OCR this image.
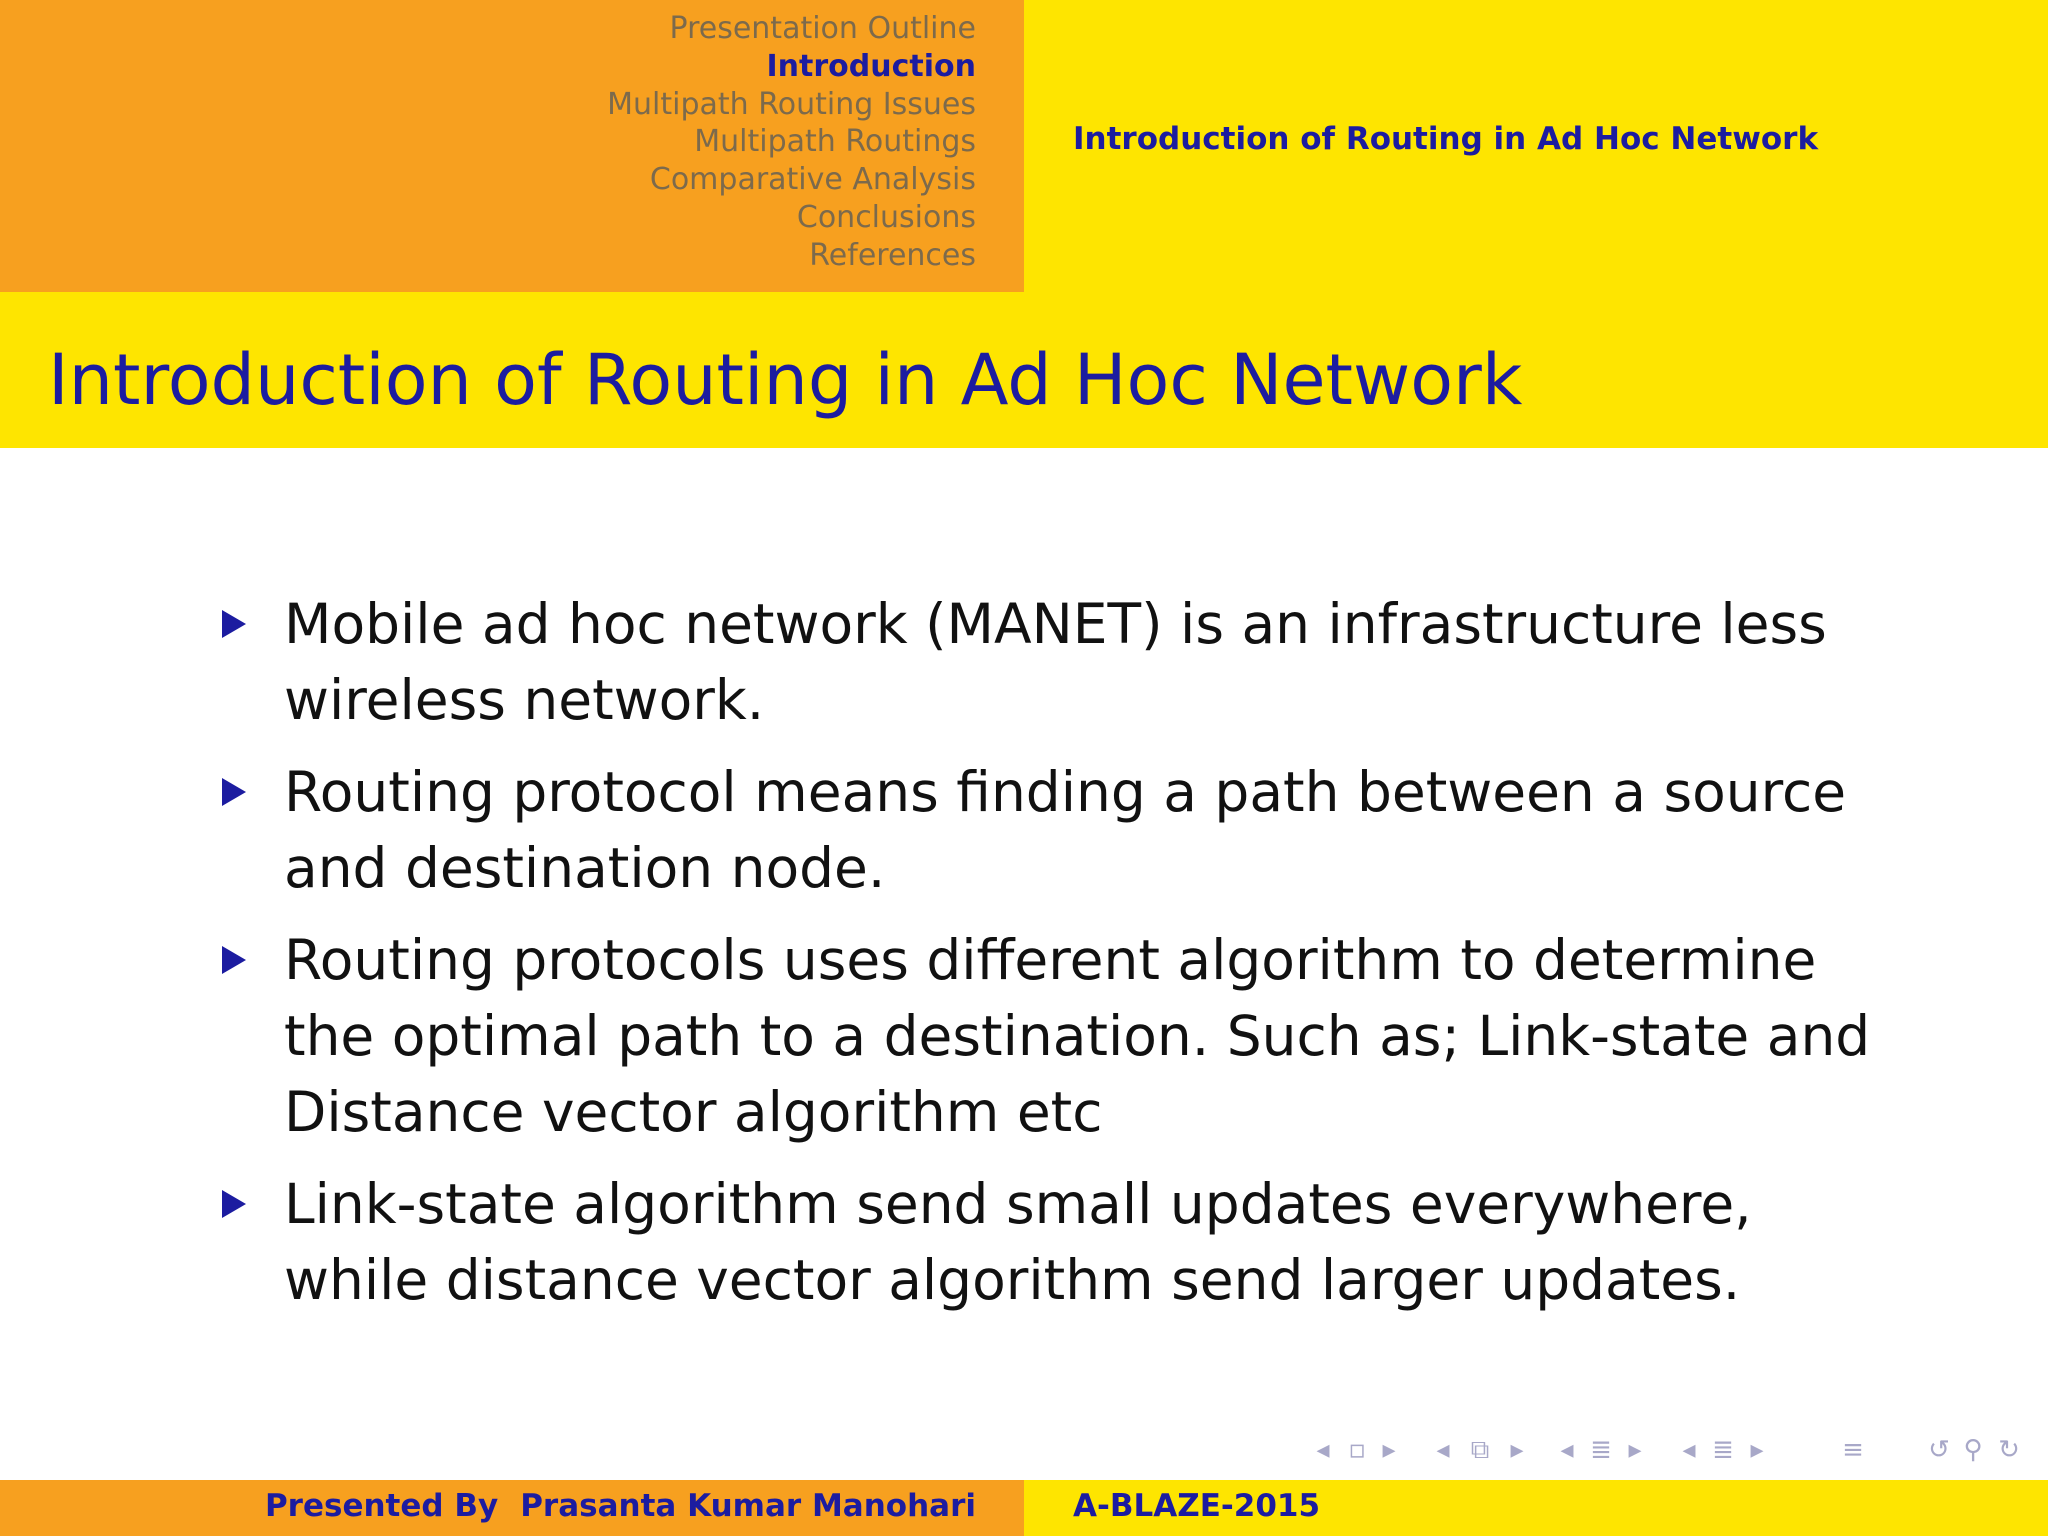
Presentation Outline
Introduction
Multipath Routing Issues
Multipath Routings
Comparative Analysis
Conclusions
References
Introduction of Routing in Ad Hoc Network
Introduction of Routing in Ad Hoc Network
Mobile ad hoc network (MANET) is an infrastructure less wireless network.
Routing protocol means finding a path between a source and destination node.
Routing protocols uses different algorithm to determine the optimal path to a destination. Such as; Link-state and Distance vector algorithm etc
Link-state algorithm send small updates everywhere, while distance vector algorithm send larger updates.
◂ ▫ ▸ ◂ ⧉ ▸ ◂ ≣ ▸ ◂ ≣ ▸	≡ ↺ ⚲ ↻
Presented By Prasanta Kumar Manohari	A-BLAZE-2015
